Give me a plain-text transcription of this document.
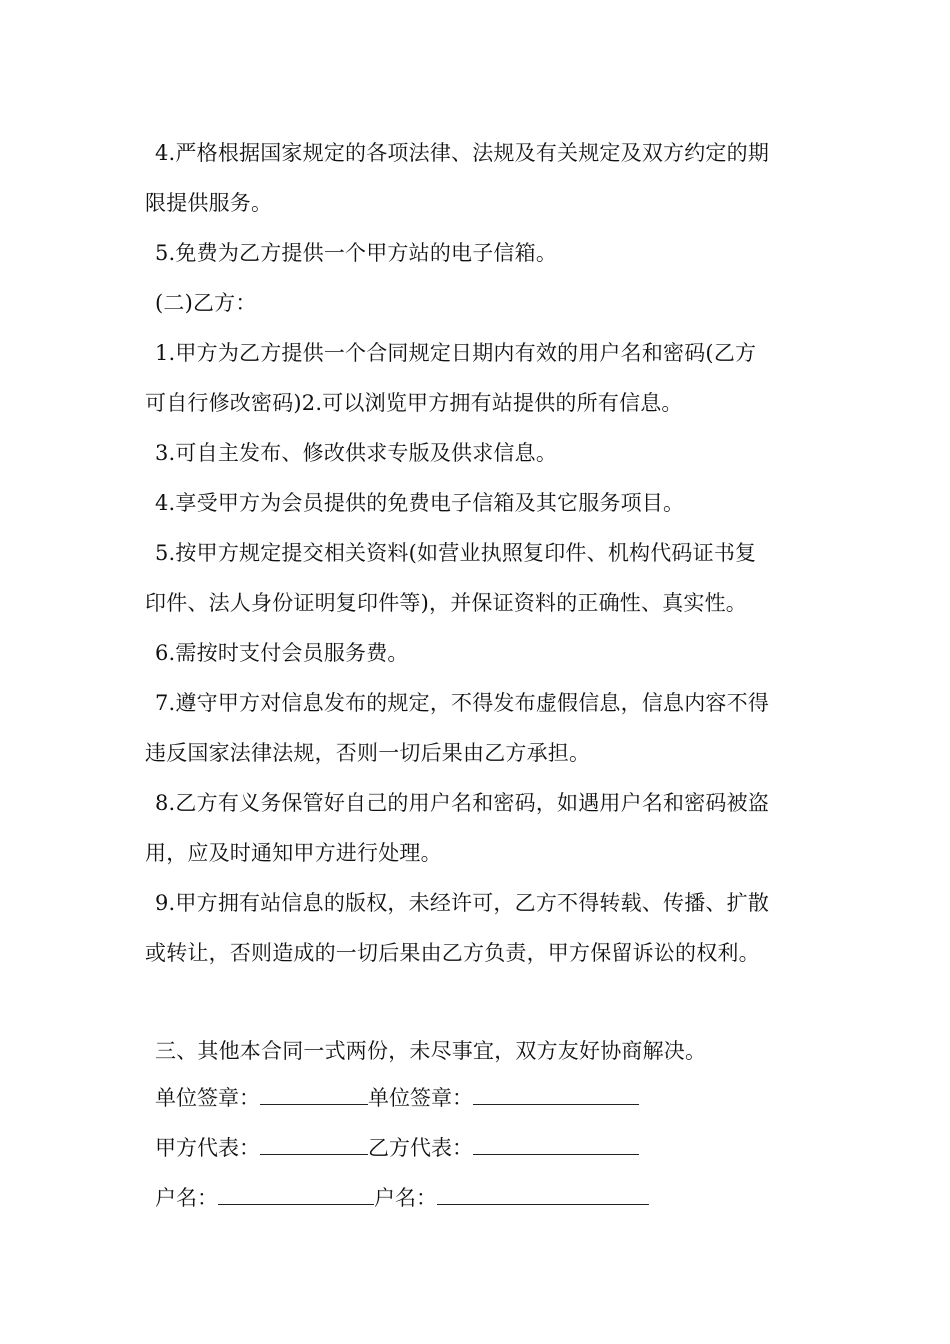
4.严格根据国家规定的各项法律、法规及有关规定及双方约定的期
限提供服务。
5.免费为乙方提供一个甲方站的电子信箱。
(二)乙方：
1.甲方为乙方提供一个合同规定日期内有效的用户名和密码(乙方
可自行修改密码)2.可以浏览甲方拥有站提供的所有信息。
3.可自主发布、修改供求专版及供求信息。
4.享受甲方为会员提供的免费电子信箱及其它服务项目。
5.按甲方规定提交相关资料(如营业执照复印件、机构代码证书复
印件、法人身份证明复印件等)，并保证资料的正确性、真实性。
6.需按时支付会员服务费。
7.遵守甲方对信息发布的规定，不得发布虚假信息，信息内容不得
违反国家法律法规，否则一切后果由乙方承担。
8.乙方有义务保管好自己的用户名和密码，如遇用户名和密码被盗
用，应及时通知甲方进行处理。
9.甲方拥有站信息的版权，未经许可，乙方不得转载、传播、扩散
或转让，否则造成的一切后果由乙方负责，甲方保留诉讼的权利。
三、其他本合同一式两份，未尽事宜，双方友好协商解决。
单位签章：	单位签章：
甲方代表：	乙方代表：
户名：	户名：
